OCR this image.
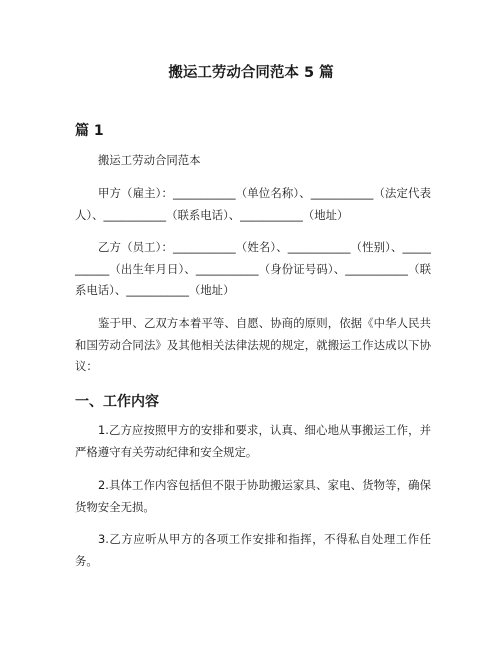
搬运工劳动合同范本 5 篇
篇 1

搬运工劳动合同范本

甲方（雇主）：___________（单位名称）、___________（法定代表人）、___________（联系电话）、___________（地址）

乙方（员工）：___________（姓名）、___________（性别）、___________（出生年月日）、___________（身份证号码）、___________（联系电话）、___________（地址）

鉴于甲、乙双方本着平等、自愿、协商的原则，依据《中华人民共和国劳动合同法》及其他相关法律法规的规定，就搬运工作达成以下协议：

一、工作内容

1.乙方应按照甲方的安排和要求，认真、细心地从事搬运工作，并严格遵守有关劳动纪律和安全规定。

2.具体工作内容包括但不限于协助搬运家具、家电、货物等，确保货物安全无损。

3.乙方应听从甲方的各项工作安排和指挥，不得私自处理工作任务。
